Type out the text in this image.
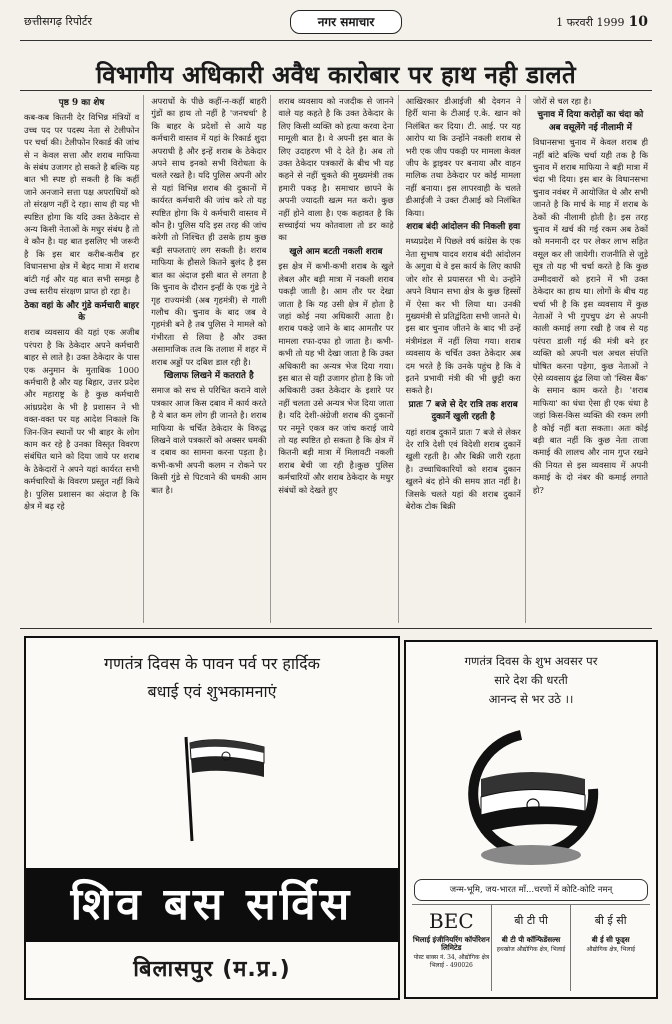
छत्तीसगढ़ रिपोर्टर	नगर समाचार	1 फरवरी 1999 10
विभागीय अधिकारी अवैध कारोबार पर हाथ नही डालते
पृष्ठ 9 का शेष
कब-कब कितनी देर विभिन्न मंत्रियों व उच्च पद पर पदस्थ नेता से टेलीफोन पर चर्चा की। टेलीफोन रिकार्ड की जांच से न केवल सत्ता और शराब माफिया के संबंध उजागर हो सकते है बल्कि यह बात भी स्पष्ट हो सकती है कि कहीं जाने अनजाने सत्ता पक्ष अपराधियों को तो संरक्षण नहीं दे रहा। साथ ही यह भी स्पष्टित होगा कि यदि उक्त ठेकेदार से अन्य किसी नेताओं के मधुर संबंध है तो वे कौन है। यह बात इसलिए भी जरूरी है कि इस बार करीब-करीब हर विधानसभा क्षेत्र में बेहद मात्रा में शराब बांटी गई और यह बात सभी समझ है उच्च स्तरीय संरक्षण प्राप्त हो रहा है।
ठेका वहां के और गुंडे कर्मचारी बाहर के
शराब व्यवसाय की यहां एक अजीब परंपरा है कि ठेकेदार अपने कर्मचारी बाहर से लाते है। उक्त ठेकेदार के पास एक अनुमान के मुताबिक 1000 कर्मचारी है और यह बिहार, उत्तर प्रदेश और महाराष्ट्र के है कुछ कर्मचारी आंध्रप्रदेश के भी है प्रशासन ने भी वक्त-वक्त पर यह आदेश निकाले कि जिन-जिन स्थानों पर भी बाहर के लोग काम कर रहे है उनका विस्तृत विवरण संबंधित थाने को दिया जाये पर शराब के ठेकेदारों ने अपने यहां कार्यरत सभी कर्मचारियों के विवरण प्रस्तुत नहीं किये है। पुलिस प्रशासन का अंदाज है कि क्षेत्र में बढ़ रहे
अपराधों के पीछे कहीं-न-कहीं बाहरी गुंडों का हाथ तो नहीं है 'जनचर्चा' है कि बाहर के प्रदेशों से आये यह कर्मचारी वास्तव में यहां के रिकार्ड शुदा अपराधी है और इन्हें शराब के ठेकेदार अपने साथ इनको सभी विरोधता के चलते रखते है। यदि पुलिस अपनी ओर से यहां विभिन्न शराब की दुकानों में कार्यरत कर्मचारी की जांच करे तो यह स्पष्टित होगा कि ये कर्मचारी वास्तव में कौन है। पुलिस यदि इस तरह की जांच करेगी तो निश्चित ही उसके हाथ कुछ बड़ी सफलताएं लग सकती है। शराब माफिया के हौसले कितने बुलंद है इस बात का अंदाज इसी बात से लगता है कि चुनाव के दौरान इन्हीं के एक गुंडे ने गृह राज्यमंत्री (अब गृहमंत्री) से गाली गलौच की। चुनाव के बाद जब वे गृहमंत्री बने है तब पुलिस ने मामले को गंभीरता से लिया है और उक्त असामाजिक तत्व कि तलाश में शहर में शराब अड्डों पर दबिश डाल रही है।
खिलाफ लिखने में कतराते है
समाज को सच से परिचित कराने वाले पत्रकार आज किस दबाव में कार्य करते है ये बात कम लोग ही जानते है। शराब माफिया के चर्चित ठेकेदार के विरुद्ध लिखने वाले पत्रकारों को अक्सर धमकी व दबाव का सामना करना पड़ता है। कभी-कभी अपनी कलम न रोकने पर किसी गुंडे से पिटवाने की धमकी आम बात है।
शराब व्यवसाय को नजदीक से जानने वाले यह कहते है कि उक्त ठेकेदार के लिए किसी व्यक्ति को हत्या करवा देना मामूली बात है। वे अपनी इस बात के लिए उदाहरण भी दे देते है। अब तो उक्त ठेकेदार पत्रकारों के बीच भी यह कहने से नहीं चुकते की मुख्यमंत्री तक हमारी पकड़ है। समाचार छापने के अपनी ज्यादती खत्म मत करो। कुछ नहीं होने वाला है। एक कहावत है कि सच्चाईयां भय कोतवाला तो डर काहे का
खुले आम बटती नकली शराब
इस क्षेत्र में कभी-कभी शराब के खुले लेबल और बड़ी मात्रा में नकली शराब पकड़ी जाती है। आम तौर पर देखा जाता है कि यह उसी क्षेत्र में होता है जहां कोई नया अधिकारी आता है। शराब पकड़े जाने के बाद आमतौर पर मामला रफा-दफा हो जाता है। कभी-कभी तो यह भी देखा जाता है कि उक्त अधिकारी का अन्यत्र भेज दिया गया। इस बात से यही उजागर होता है कि जो अधिकारी उक्त ठेकेदार के इशारे पर नहीं चलता उसे अन्यत्र भेज दिया जाता है। यदि देशी-अंग्रेजी शराब की दुकानों पर नमूने एकत्र कर जांच कराई जाये तो यह स्पष्टित हो सकता है कि क्षेत्र में कितनी बड़ी मात्रा में मिलावटी नकली शराब बेची जा रही है।कुछ पुलिस कर्मचारियों और शराब ठेकेदार के मधुर संबंधों को देखते हुए
आखिरकार डीआईजी श्री देवगन ने हिर्री थाना के टीआई ए.के. खान को निलंबित कर दिया। टी. आई. पर यह आरोप था कि उन्होंने नकली शराब से भरी एक जीप पकड़ी पर मामला केवल जीप के ड्राइवर पर बनाया और वाहन मालिक तथा ठेकेदार पर कोई मामला नहीं बनाया। इस लापरवाही के चलते डीआईजी ने उक्त टीआई को निलंबित किया।
शराब बंदी आंदोलन की निकली हवा
मध्यप्रदेश में पिछले वर्ष कांग्रेस के एक नेता सुभाष यादव शराब बंदी आंदोलन के अगुवा थे वे इस कार्य के लिए काफी जोर शोर से प्रयासरत भी थे। उन्होंने अपने विधान सभा क्षेत्र के कुछ हिस्सों में ऐसा कर भी लिया था। उनकी मुख्यमंत्री से प्रतिद्वंदिता सभी जानते थे। इस बार चुनाव जीतने के बाद भी उन्हें मंत्रीमंडल में नहीं लिया गया। शराब व्यवसाय के चर्चित उक्त ठेकेदार अब दम भरते है कि उनके पहुंच है कि वे इतने प्रभावी मंत्री की भी छुट्टी करा सकते है।
प्रातः 7 बजे से देर रात्रि तक शराब दुकानें खुली रहती है
यहां शराब दुकानें प्रातः 7 बजे से लेकर देर रात्रि देशी एवं विदेशी शराब दुकानें खुली रहती है। और बिक्री जारी रहता है। उच्चाधिकारियों को शराब दुकान खुलने बंद होने की समय ज्ञात नहीं है। जिसके चलते यहां की शराब दुकानें बेरोक टोक बिक्री
जोरों से चल रहा है।
चुनाव में दिया करोड़ों का चंदा को अब वसूलेंगे नई नीलामी में
विधानसभा चुनाव में केवल शराब ही नहीं बांटे बल्कि चर्चा यही तक है कि चुनाव में शराब माफिया ने बड़ी मात्रा में चंदा भी दिया। इस बार के विधानसभा चुनाव नवंबर में आयोजित थे और सभी जानते है कि मार्च के माह में शराब के ठेकों की नीलामी होती है। इस तरह चुनाव में खर्च की गई रकम अब ठेकों को मनमानी दर पर लेकर लाभ सहित वसूल कर ली जायेगी। राजनीति से जुड़े सूत्र तो यह भी चर्चा करते है कि कुछ उम्मीदवारों को हराने में भी उक्त ठेकेदार का हाथ था। लोगों के बीच यह चर्चा भी है कि इस व्यवसाय में कुछ नेताओं ने भी गुपचुप ढंग से अपनी काली कमाई लगा रखी है जब से यह परंपरा डाली गई की मंत्री बने हर व्यक्ति को अपनी चल अचल संपत्ति घोषित करना पड़ेगा, कुछ नेताओं ने ऐसे व्यवसाय ढूंढ लिया जो 'स्विस बैंक' के समान काम करते है। 'शराब माफिया' का धंधा ऐसा ही एक धंधा है जहां किस-किस व्यक्ति की रकम लगी है कोई नहीं बता सकता। अतः कोई बड़ी बात नहीं कि कुछ नेता ताजा कमाई की लालच और नाम गुप्त रखने की नियत से इस व्यवसाय में अपनी कमाई के दो नंबर की कमाई लगाते हो?
गणतंत्र दिवस के पावन पर्व पर हार्दिक
बधाई एवं शुभकामनाएं
शिव बस सर्विस
बिलासपुर (म.प्र.)
गणतंत्र दिवस के शुभ अवसर पर
सारे देश की धरती
आनन्द से भर उठे ।।
जन्म-भूमि, जय-भारत माँ...चरणों में कोटि-कोटि नमन्
BEC
भिलाई इंजीनियरिंग कॉर्पोरेशन लिमिटेड
पोस्ट बाक्स नं. 34, औद्योगिक क्षेत्र भिलाई - 490026
बी टी पी
बी टी पी कॉन्फिडेंसल्स
हथखोज औद्योगिक क्षेत्र, भिलाई
बी ई सी
बी ई सी फूड्स
औद्योगिक क्षेत्र, भिलाई
